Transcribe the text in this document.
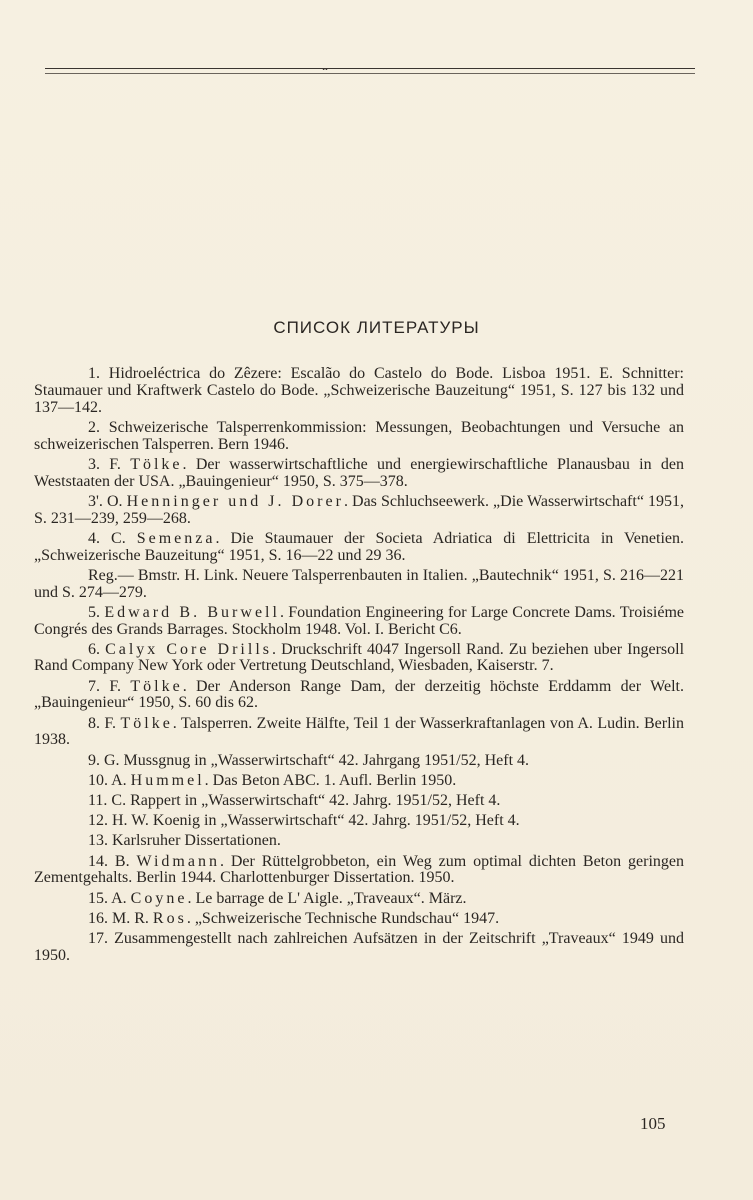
••
СПИСОК ЛИТЕРАТУРЫ

1. Hidroeléctrica do Zêzere: Escalão do Castelo do Bode. Lisboa 1951. E. Schnitter: Staumauer und Kraftwerk Castelo do Bode. „Schweizerische Bauzeitung“ 1951, S. 127 bis 132 und 137—142.

2. Schweizerische Talsperrenkommission: Messungen, Beobachtungen und Versuche an schweizerischen Talsperren. Bern 1946.

3. F. Tölke. Der wasserwirtschaftliche und energiewirschaftliche Planausbau in den Weststaaten der USA. „Bauingenieur“ 1950, S. 375—378.

3'. O. Henninger und J. Dorer. Das Schluchseewerk. „Die Wasserwirtschaft“ 1951, S. 231—239, 259—268.

4. C. Semenza. Die Staumauer der Societa Adriatica di Elettricita in Venetien. „Schweizerische Bauzeitung“ 1951, S. 16—22 und 29 36.

Reg.— Bmstr. H. Link. Neuere Talsperrenbauten in Italien. „Bautechnik“ 1951, S. 216—221 und S. 274—279.

5. Edward B. Burwell. Foundation Engineering for Large Concrete Dams. Troisiéme Congrés des Grands Barrages. Stockholm 1948. Vol. I. Bericht C6.

6. Calyx Core Drills. Druckschrift 4047 Ingersoll Rand. Zu beziehen uber Ingersoll Rand Company New York oder Vertretung Deutschland, Wiesbaden, Kaiserstr. 7.

7. F. Tölke. Der Anderson Range Dam, der derzeitig höchste Erddamm der Welt. „Bauingenieur“ 1950, S. 60 dis 62.

8. F. Tölke. Talsperren. Zweite Hälfte, Teil 1 der Wasserkraftanlagen von A. Ludin. Berlin 1938.

9. G. Mussgnug in „Wasserwirtschaft“ 42. Jahrgang 1951/52, Heft 4.

10. A. Hummel. Das Beton ABC. 1. Aufl. Berlin 1950.

11. C. Rappert in „Wasserwirtschaft“ 42. Jahrg. 1951/52, Heft 4.

12. H. W. Koenig in „Wasserwirtschaft“ 42. Jahrg. 1951/52, Heft 4.

13. Karlsruher Dissertationen.

14. B. Widmann. Der Rüttelgrobbeton, ein Weg zum optimal dichten Beton geringen Zementgehalts. Berlin 1944. Charlottenburger Dissertation. 1950.

15. A. Coyne. Le barrage de L' Aigle. „Traveaux“. März.

16. M. R. Ros. „Schweizerische Technische Rundschau“ 1947.

17. Zusammengestellt nach zahlreichen Aufsätzen in der Zeitschrift „Traveaux“ 1949 und 1950.

105
